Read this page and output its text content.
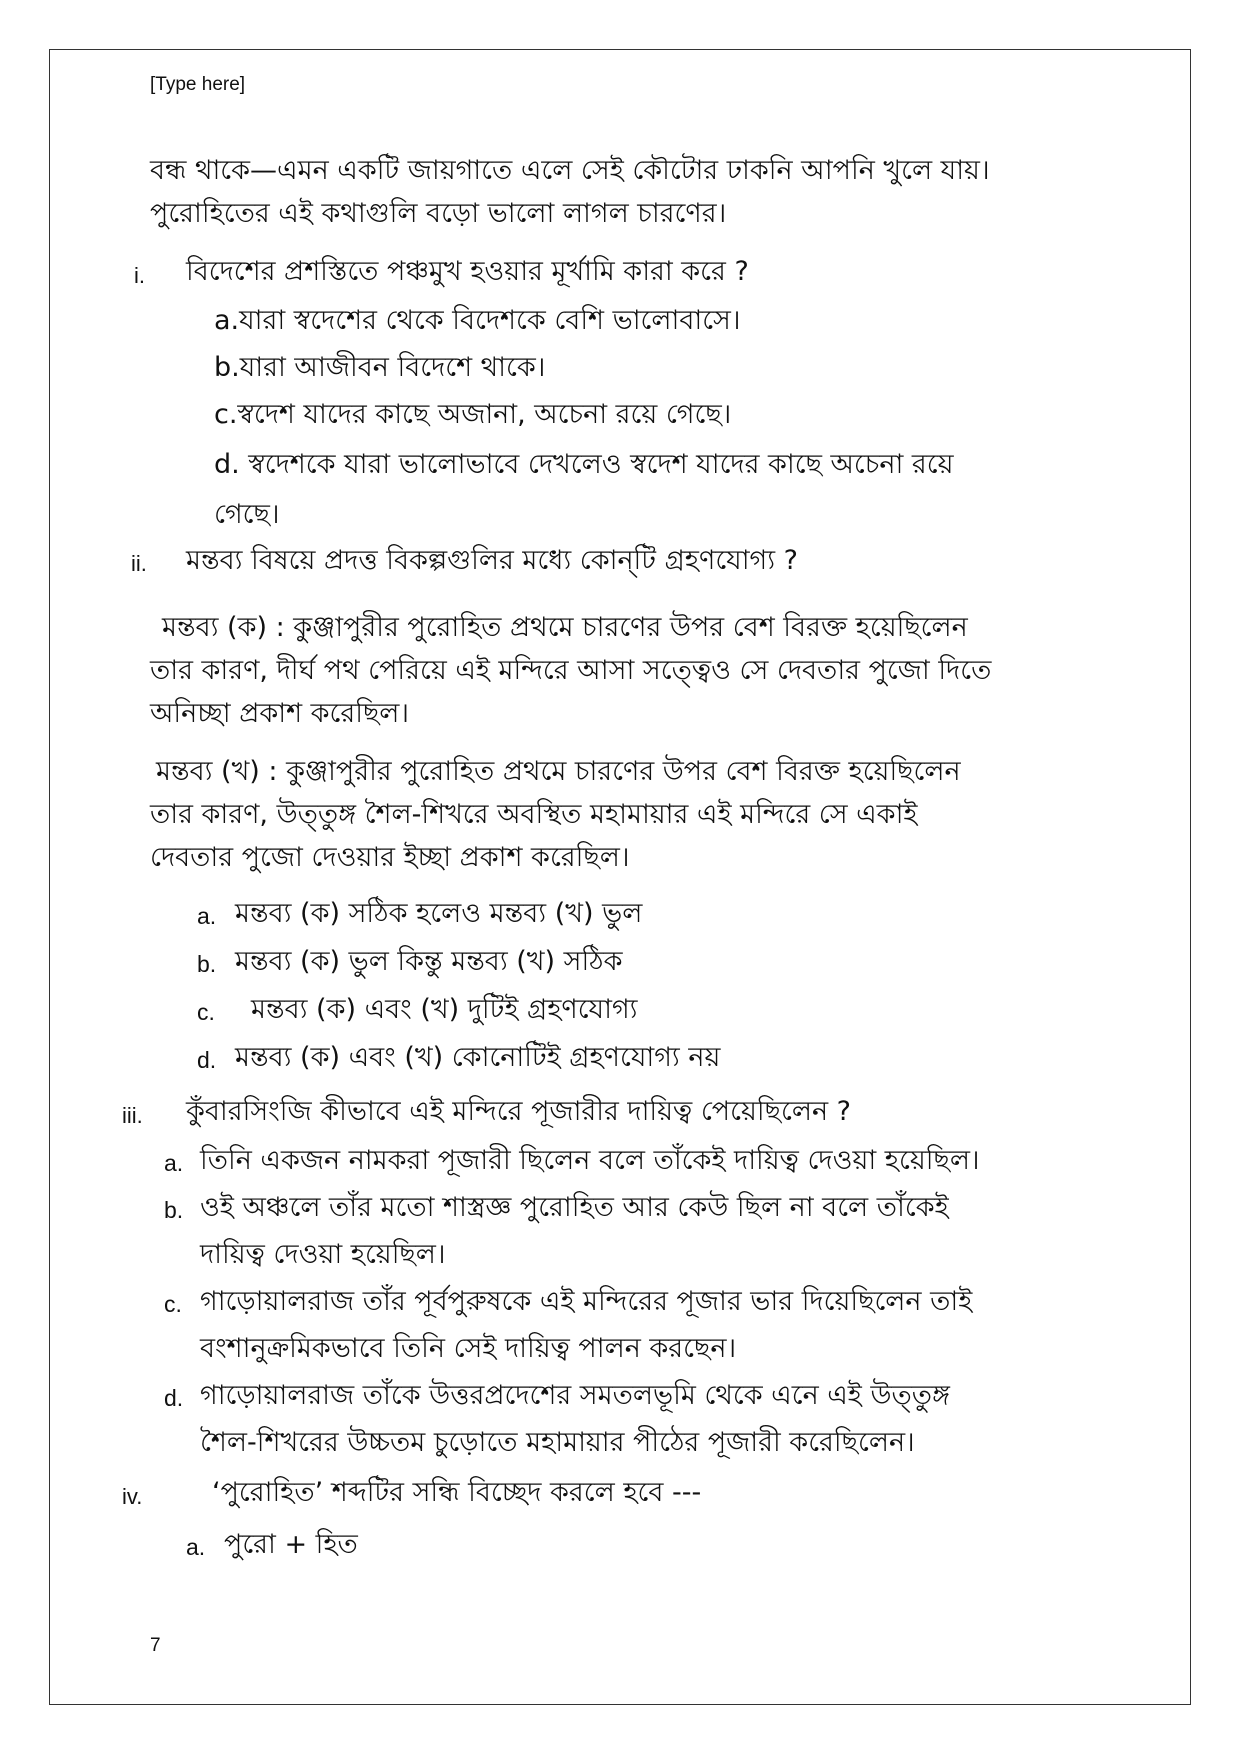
[Type here]
বন্ধ থাকে—এমন একটি জায়গাতে এলে সেই কৌটোর ঢাকনি আপনি খুলে যায়।
পুরোহিতের এই কথাগুলি বড়ো ভালো লাগল চারণের।
i. বিদেশের প্রশস্তিতে পঞ্চমুখ হওয়ার মূর্খামি কারা করে ?
a.যারা স্বদেশের থেকে বিদেশকে বেশি ভালোবাসে।
b.যারা আজীবন বিদেশে থাকে।
c.স্বদেশ যাদের কাছে অজানা, অচেনা রয়ে গেছে।
d. স্বদেশকে যারা ভালোভাবে দেখলেও স্বদেশ যাদের কাছে অচেনা রয়ে
গেছে।
ii. মন্তব্য বিষয়ে প্রদত্ত বিকল্পগুলির মধ্যে কোন্‌টি গ্রহণযোগ্য ?
মন্তব্য (ক) : কুঞ্জাপুরীর পুরোহিত প্রথমে চারণের উপর বেশ বিরক্ত হয়েছিলেন
তার কারণ, দীর্ঘ পথ পেরিয়ে এই মন্দিরে আসা সত্ত্বেও সে দেবতার পুজো দিতে
অনিচ্ছা প্রকাশ করেছিল।
মন্তব্য (খ) : কুঞ্জাপুরীর পুরোহিত প্রথমে চারণের উপর বেশ বিরক্ত হয়েছিলেন
তার কারণ, উত্‌তুঙ্গ শৈল-শিখরে অবস্থিত মহামায়ার এই মন্দিরে সে একাই
দেবতার পুজো দেওয়ার ইচ্ছা প্রকাশ করেছিল।
a. মন্তব্য (ক) সঠিক হলেও মন্তব্য (খ) ভুল
b. মন্তব্য (ক) ভুল কিন্তু মন্তব্য (খ) সঠিক
c. মন্তব্য (ক) এবং (খ) দুটিই গ্রহণযোগ্য
d. মন্তব্য (ক) এবং (খ) কোনোটিই গ্রহণযোগ্য নয়
iii. কুঁবারসিংজি কীভাবে এই মন্দিরে পূজারীর দায়িত্ব পেয়েছিলেন ?
a. তিনি একজন নামকরা পূজারী ছিলেন বলে তাঁকেই দায়িত্ব দেওয়া হয়েছিল।
b. ওই অঞ্চলে তাঁর মতো শাস্ত্রজ্ঞ পুরোহিত আর কেউ ছিল না বলে তাঁকেই
দায়িত্ব দেওয়া হয়েছিল।
c. গাড়োয়ালরাজ তাঁর পূর্বপুরুষকে এই মন্দিরের পূজার ভার দিয়েছিলেন তাই
বংশানুক্রমিকভাবে তিনি সেই দায়িত্ব পালন করছেন।
d. গাড়োয়ালরাজ তাঁকে উত্তরপ্রদেশের সমতলভূমি থেকে এনে এই উত্‌তুঙ্গ
শৈল-শিখরের উচ্চতম চুড়োতে মহামায়ার পীঠের পূজারী করেছিলেন।
iv.	‘পুরোহিত’ শব্দটির সন্ধি বিচ্ছেদ করলে হবে ---
a. পুরো + হিত
7
